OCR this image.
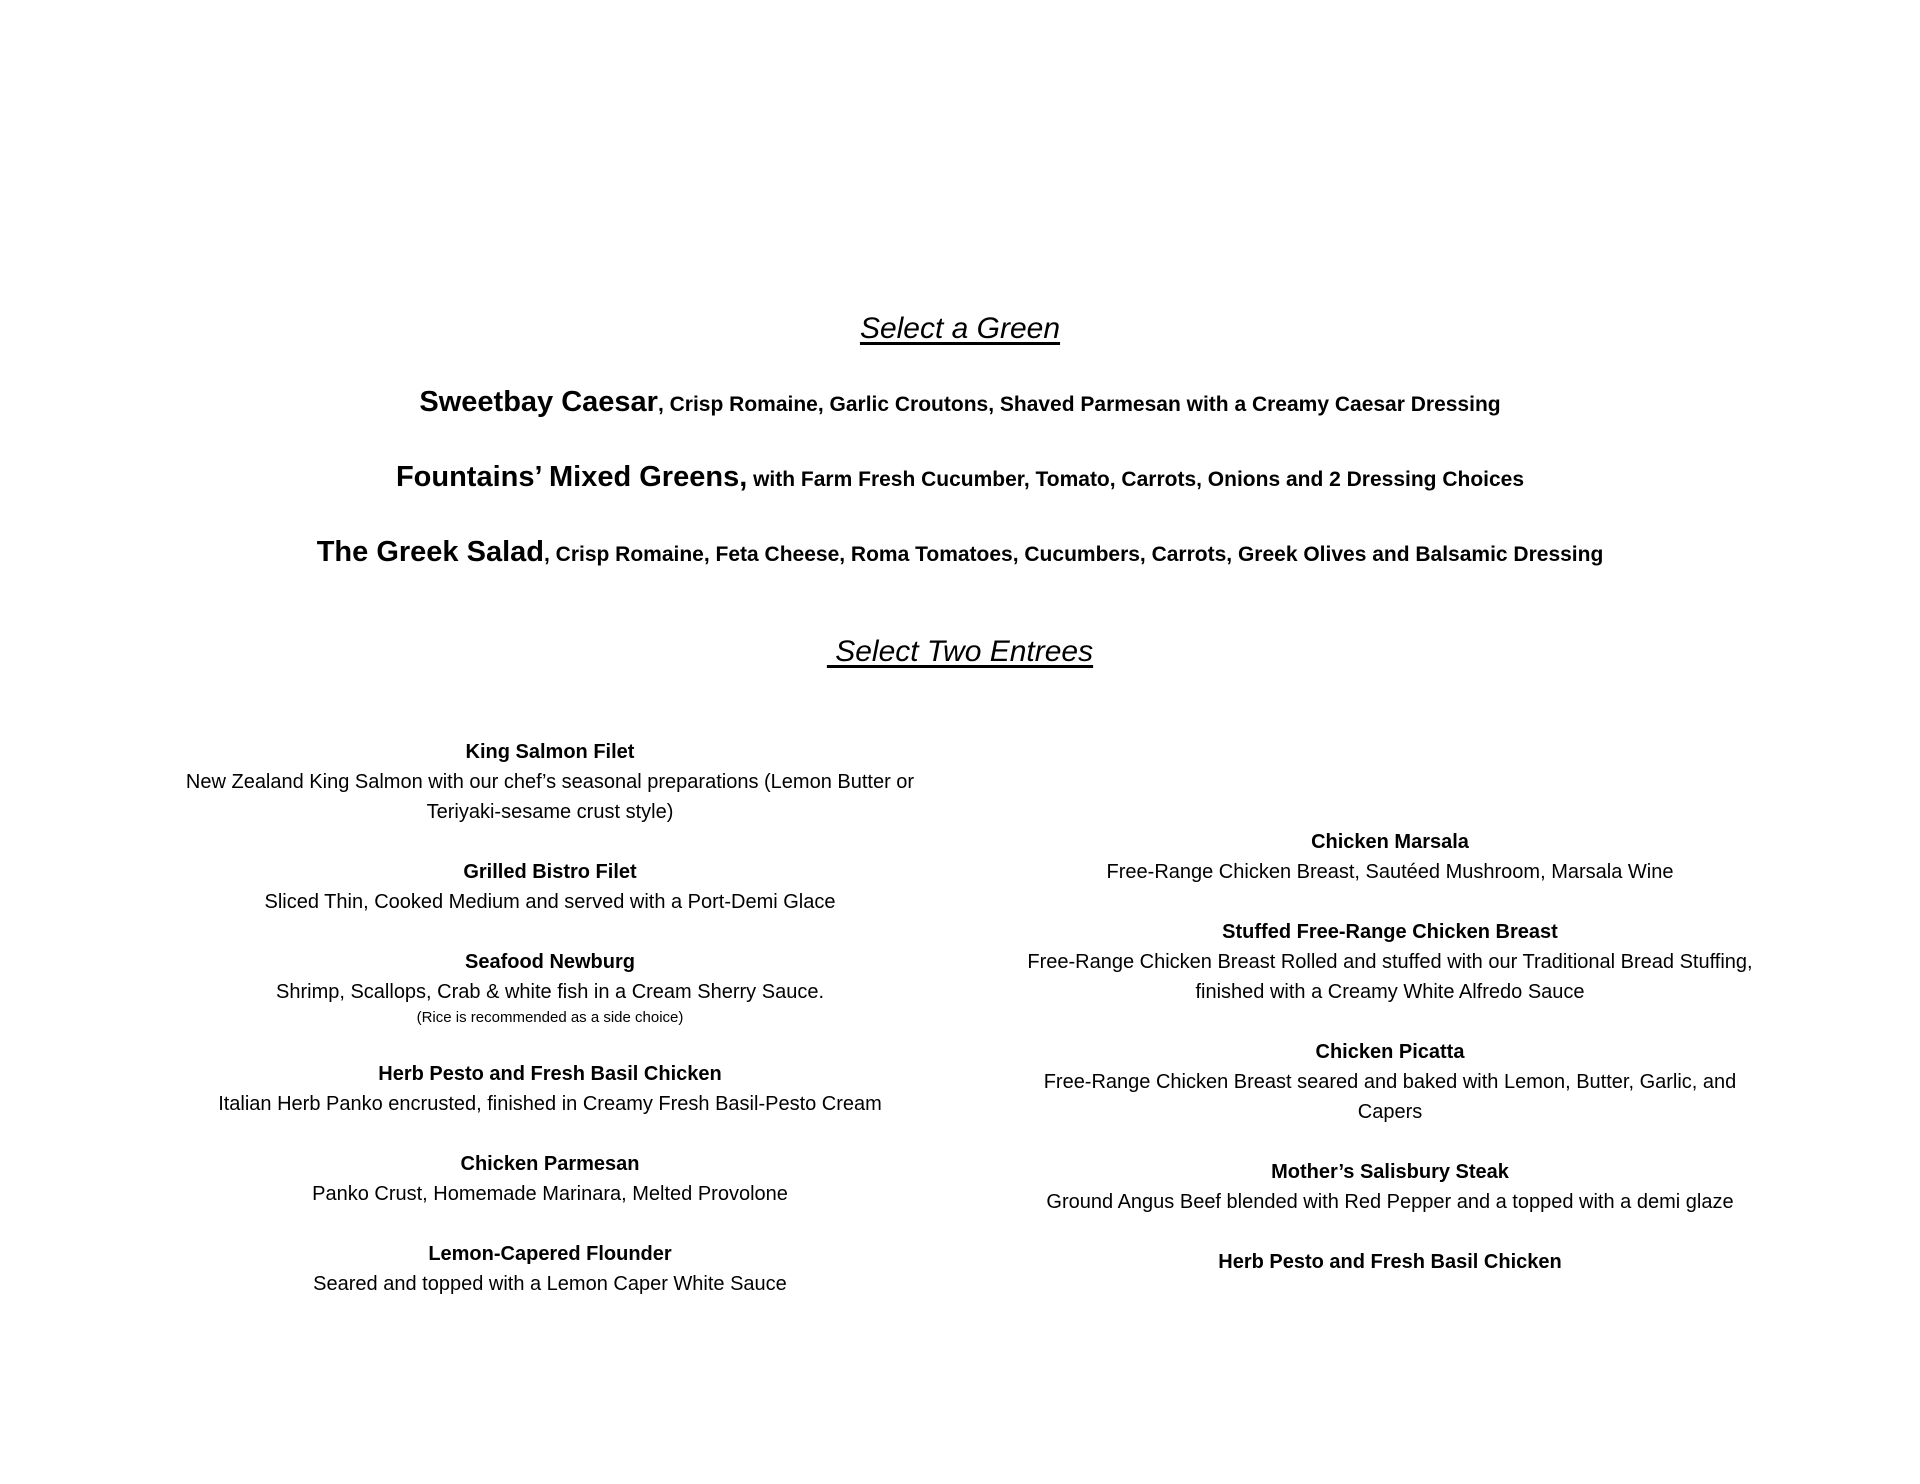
Select a Green
Sweetbay Caesar, Crisp Romaine, Garlic Croutons, Shaved Parmesan with a Creamy Caesar Dressing
Fountains’ Mixed Greens, with Farm Fresh Cucumber, Tomato, Carrots, Onions and 2 Dressing Choices
The Greek Salad, Crisp Romaine, Feta Cheese, Roma Tomatoes, Cucumbers, Carrots, Greek Olives and Balsamic Dressing
Select Two Entrees
King Salmon Filet
New Zealand King Salmon with our chef’s seasonal preparations (Lemon Butter or Teriyaki-sesame crust style)
Grilled Bistro Filet
Sliced Thin, Cooked Medium and served with a Port-Demi Glace
Seafood Newburg
Shrimp, Scallops, Crab & white fish in a Cream Sherry Sauce.
(Rice is recommended as a side choice)
Herb Pesto and Fresh Basil Chicken
Italian Herb Panko encrusted, finished in Creamy Fresh Basil-Pesto Cream
Chicken Parmesan
Panko Crust, Homemade Marinara, Melted Provolone
Lemon-Capered Flounder
Seared and topped with a Lemon Caper White Sauce
Chicken Marsala
Free-Range Chicken Breast, Sautéed Mushroom, Marsala Wine
Stuffed Free-Range Chicken Breast
Free-Range Chicken Breast Rolled and stuffed with our Traditional Bread Stuffing, finished with a Creamy White Alfredo Sauce
Chicken Picatta
Free-Range Chicken Breast seared and baked with Lemon, Butter, Garlic, and Capers
Mother’s Salisbury Steak
Ground Angus Beef blended with Red Pepper and a topped with a demi glaze
Herb Pesto and Fresh Basil Chicken
